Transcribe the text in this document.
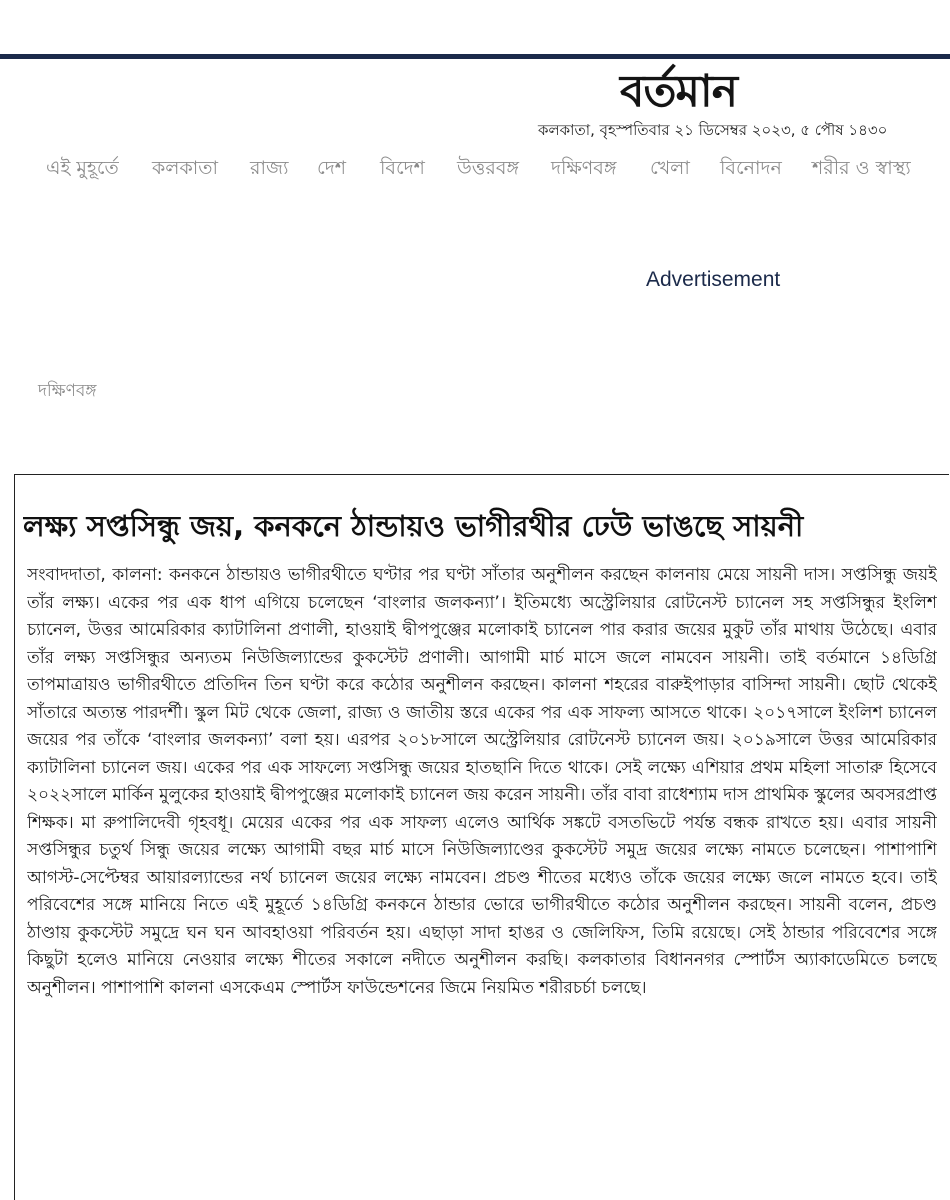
বর্তমান
কলকাতা, বৃহস্পতিবার ২১ ডিসেম্বর ২০২৩, ৫ পৌষ ১৪৩০
এই মুহূর্তে কলকাতা রাজ্য দেশ বিদেশ উত্তরবঙ্গ দক্ষিণবঙ্গ খেলা বিনোদন শরীর ও স্বাস্থ্য
Advertisement
দক্ষিণবঙ্গ
লক্ষ্য সপ্তসিন্ধু জয়, কনকনে ঠান্ডায়ও ভাগীরথীর ঢেউ ভাঙছে সায়নী

সংবাদদাতা, কালনা: কনকনে ঠান্ডায়ও ভাগীরথীতে ঘণ্টার পর ঘণ্টা সাঁতার অনুশীলন করছেন কালনায় মেয়ে সায়নী দাস। সপ্তসিন্ধু জয়ই তাঁর লক্ষ্য। একের পর এক ধাপ এগিয়ে চলেছেন ‘বাংলার জলকন্যা’। ইতিমধ্যে অস্ট্রেলিয়ার রোটনেস্ট চ্যানেল সহ সপ্তসিন্ধুর ইংলিশ চ্যানেল, উত্তর আমেরিকার ক্যাটালিনা প্রণালী, হাওয়াই দ্বীপপুঞ্জের মলোকাই চ্যানেল পার করার জয়ের মুকুট তাঁর মাথায় উঠেছে। এবার তাঁর লক্ষ্য সপ্তসিন্ধুর অন্যতম নিউজিল্যান্ডের কুকস্টেট প্রণালী। আগামী মার্চ মাসে জলে নামবেন সায়নী। তাই বর্তমানে ১৪ডিগ্রি তাপমাত্রায়ও ভাগীরথীতে প্রতিদিন তিন ঘণ্টা করে কঠোর অনুশীলন করছেন। কালনা শহরের বারুইপাড়ার বাসিন্দা সায়নী। ছোট থেকেই সাঁতারে অত্যন্ত পারদর্শী। স্কুল মিট থেকে জেলা, রাজ্য ও জাতীয় স্তরে একের পর এক সাফল্য আসতে থাকে। ২০১৭সালে ইংলিশ চ্যানেল জয়ের পর তাঁকে ‘বাংলার জলকন্যা’ বলা হয়। এরপর ২০১৮সালে অস্ট্রেলিয়ার রোটনেস্ট চ্যানেল জয়। ২০১৯সালে উত্তর আমেরিকার ক্যাটালিনা চ্যানেল জয়। একের পর এক সাফল্যে সপ্তসিন্ধু জয়ের হাতছানি দিতে থাকে। সেই লক্ষ্যে এশিয়ার প্রথম মহিলা সাতারু হিসেবে ২০২২সালে মার্কিন মুলুকের হাওয়াই দ্বীপপুঞ্জের মলোকাই চ্যানেল জয় করেন সায়নী। তাঁর বাবা রাধেশ্যাম দাস প্রাথমিক স্কুলের অবসরপ্রাপ্ত শিক্ষক। মা রুপালিদেবী গৃহবধূ। মেয়ের একের পর এক সাফল্য এলেও আর্থিক সঙ্কটে বসতভিটে পর্যন্ত বন্ধক রাখতে হয়। এবার সায়নী সপ্তসিন্ধুর চতুর্থ সিন্ধু জয়ের লক্ষ্যে আগামী বছর মার্চ মাসে নিউজিল্যাণ্ডের কুকস্টেট সমুদ্র জয়ের লক্ষ্যে নামতে চলেছেন। পাশাপাশি আগস্ট-সেপ্টেম্বর আয়ারল্যান্ডের নর্থ চ্যানেল জয়ের লক্ষ্যে নামবেন। প্রচণ্ড শীতের মধ্যেও তাঁকে জয়ের লক্ষ্যে জলে নামতে হবে। তাই পরিবেশের সঙ্গে মানিয়ে নিতে এই মুহূর্তে ১৪ডিগ্রি কনকনে ঠান্ডার ভোরে ভাগীরথীতে কঠোর অনুশীলন করছেন। সায়নী বলেন, প্রচণ্ড ঠাণ্ডায় কুকস্টেট সমুদ্রে ঘন ঘন আবহাওয়া পরিবর্তন হয়। এছাড়া সাদা হাঙর ও জেলিফিস, তিমি রয়েছে। সেই ঠান্ডার পরিবেশের সঙ্গে কিছুটা হলেও মানিয়ে নেওয়ার লক্ষ্যে শীতের সকালে নদীতে অনুশীলন করছি। কলকাতার বিধাননগর স্পোর্টস অ্যাকাডেমিতে চলছে অনুশীলন। পাশাপাশি কালনা এসকেএম স্পোর্টস ফাউন্ডেশনের জিমে নিয়মিত শরীরচর্চা চলছে।
